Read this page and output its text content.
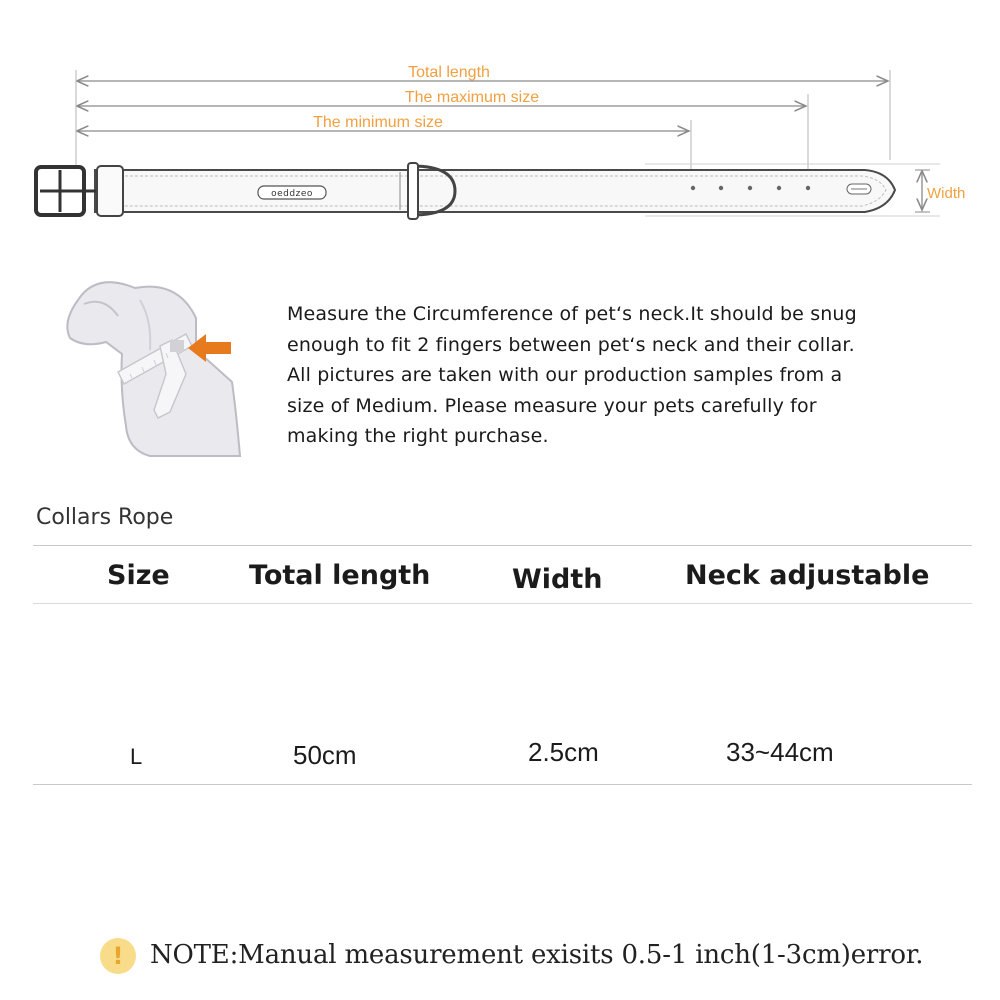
Total length
The maximum size
The minimum size
oeddzeo	Width
Measure the Circumference of pet‘s neck.It should be snug
enough to fit 2 fingers between pet‘s neck and their collar.
All pictures are taken with our production samples from a
size of Medium. Please measure your pets carefully for
making the right purchase.
Collars Rope
Size	Total length	Width	Neck adjustable
L	50cm	2.5cm	33~44cm
!	NOTE:Manual measurement exisits 0.5-1 inch(1-3cm)error.
